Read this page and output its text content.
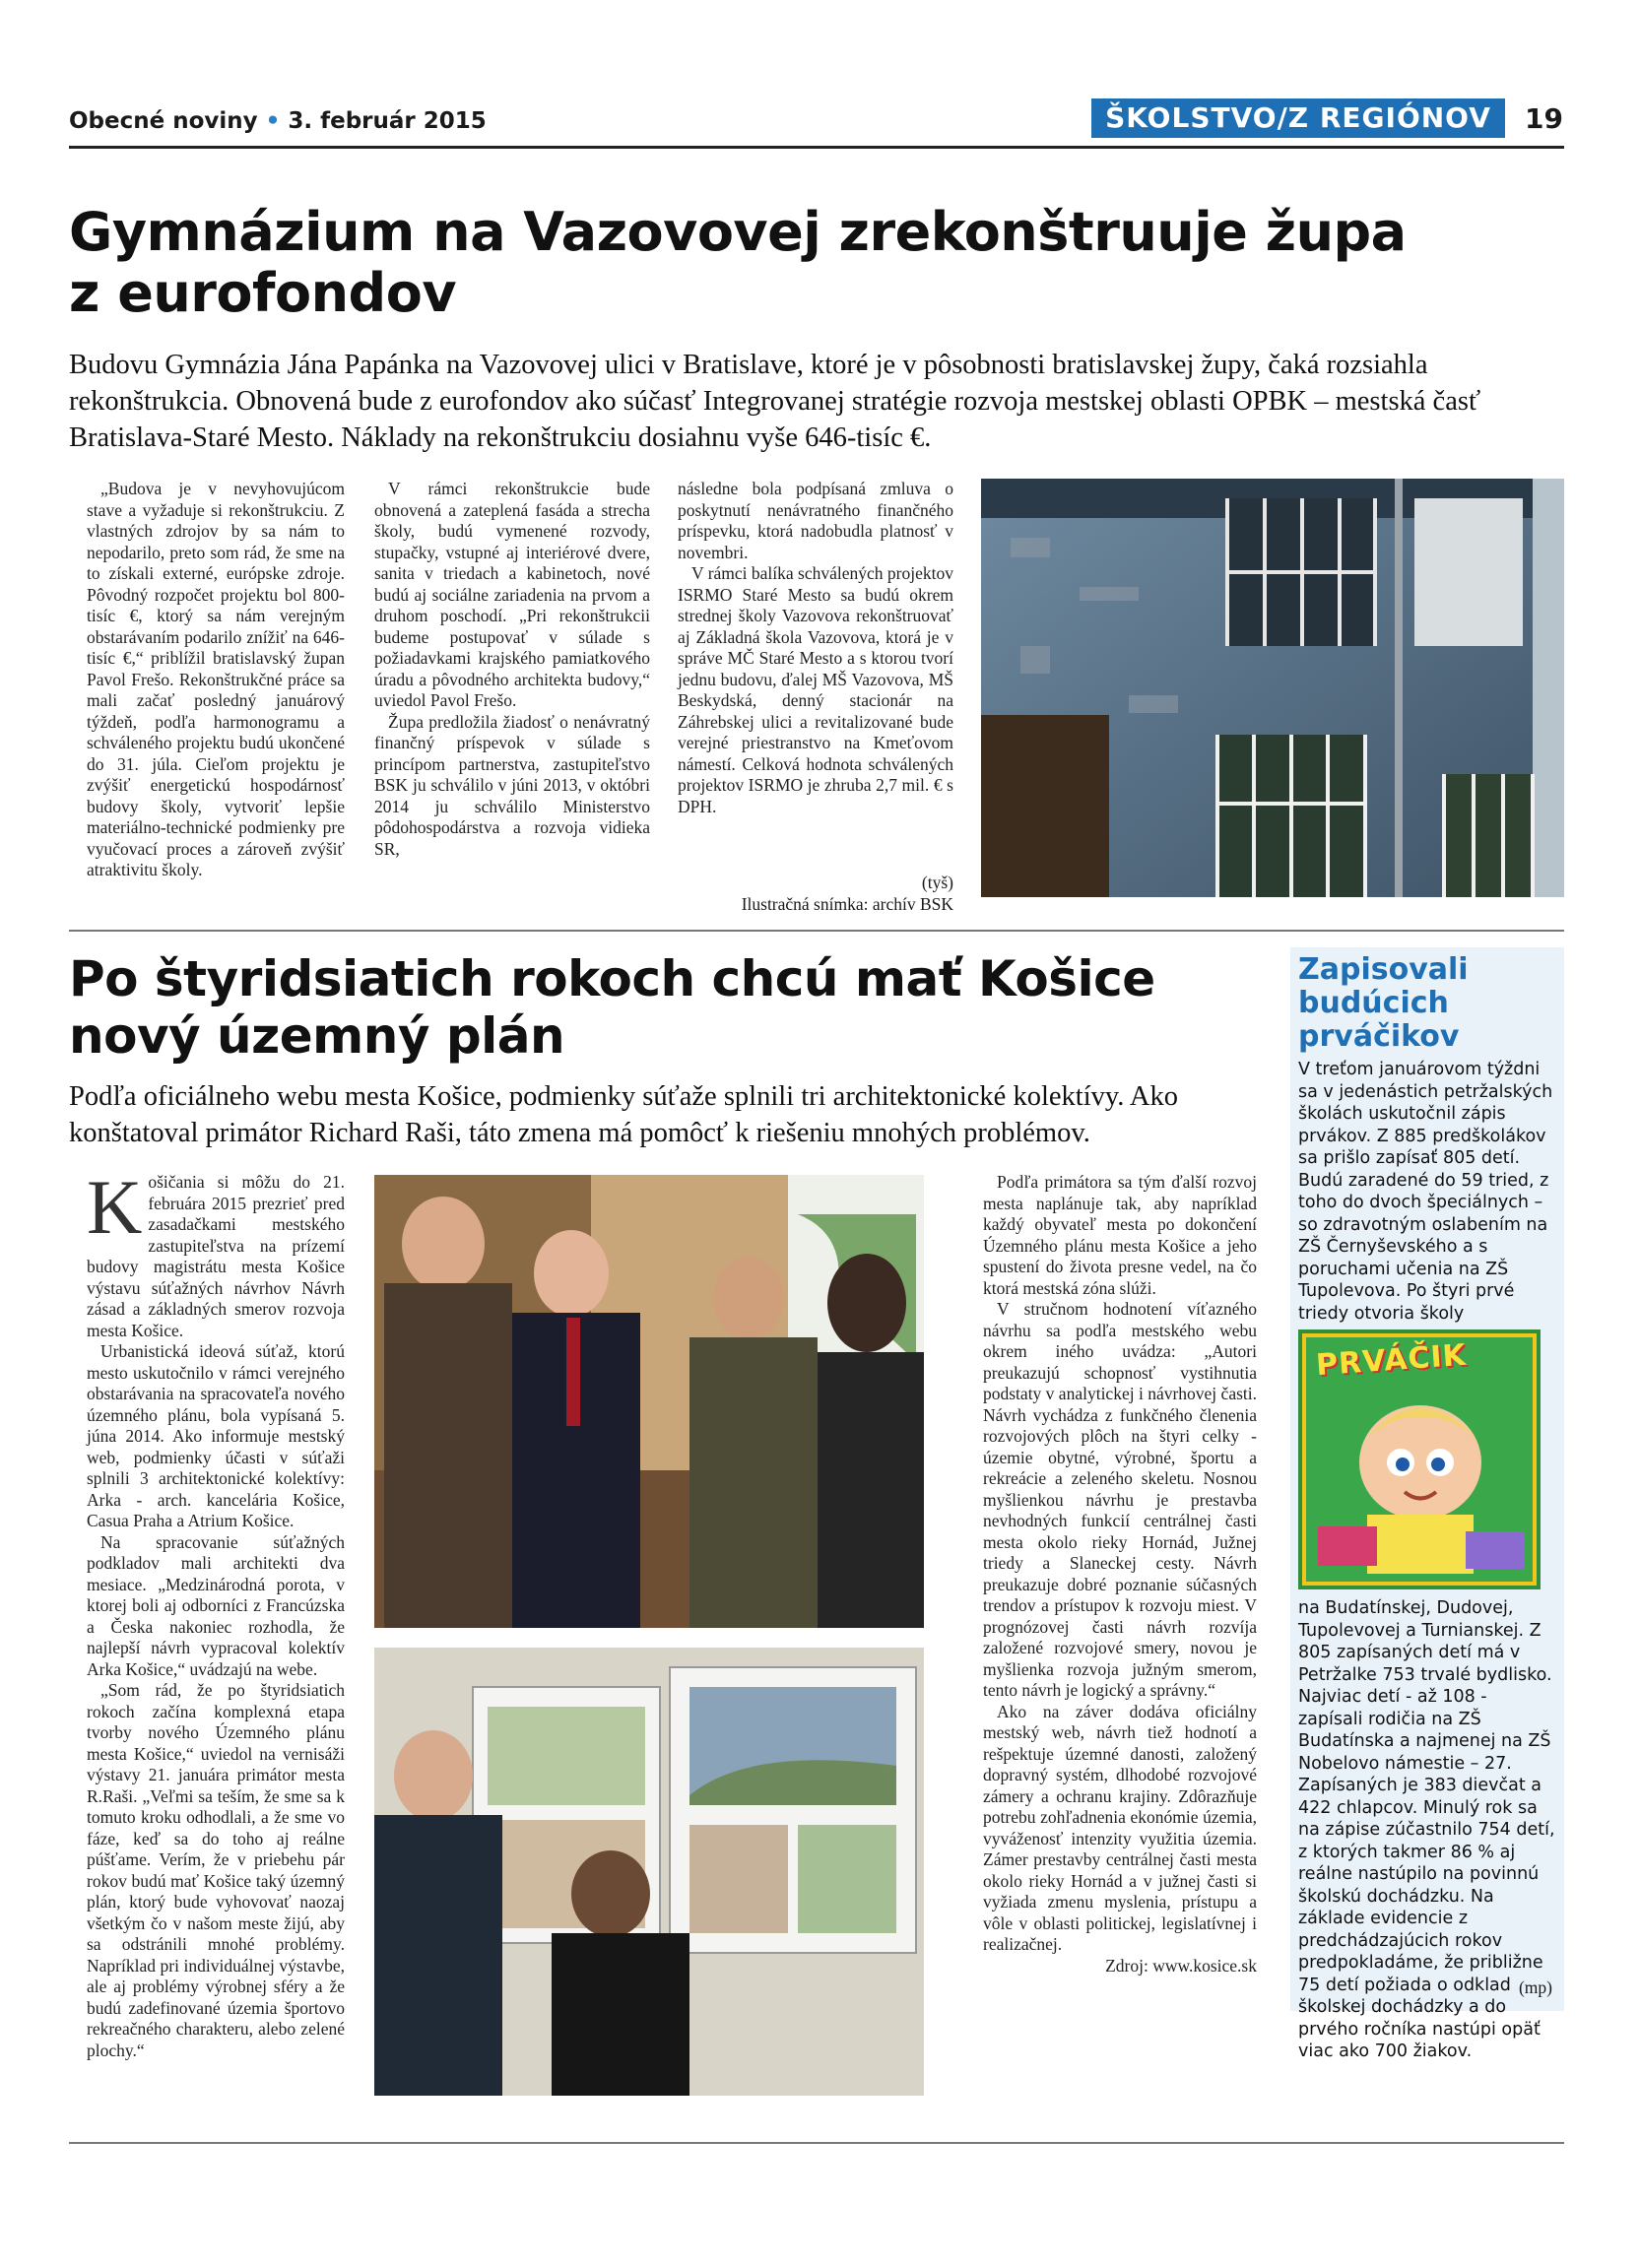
Obecné noviny • 3. február 2015	ŠKOLSTVO/Z REGIÓNOV	19
Gymnázium na Vazovovej zrekonštruuje župa z eurofondov
Budovu Gymnázia Jána Papánka na Vazovovej ulici v Bratislave, ktoré je v pôsobnosti bratislavskej župy, čaká rozsiahla rekonštrukcia. Obnovená bude z eurofondov ako súčasť Integrovanej stratégie rozvoja mestskej oblasti OPBK – mestská časť Bratislava-Staré Mesto. Náklady na rekonštrukciu dosiahnu vyše 646-tisíc €.

„Budova je v nevyhovujúcom stave a vyžaduje si rekonštrukciu. Z vlastných zdrojov by sa nám to nepodarilo, preto som rád, že sme na to získali externé, európske zdroje. Pôvodný rozpočet projektu bol 800-tisíc €, ktorý sa nám verejným obstarávaním podarilo znížiť na 646-tisíc €,“ priblížil bratislavský župan Pavol Frešo. Rekonštrukčné práce sa mali začať posledný januárový týždeň, podľa harmonogramu a schváleného projektu budú ukončené do 31. júla. Cieľom projektu je zvýšiť energetickú hospodárnosť budovy školy, vytvoriť lepšie materiálno-technické podmienky pre vyučovací proces a zároveň zvýšiť atraktivitu školy.

V rámci rekonštrukcie bude obnovená a zateplená fasáda a strecha školy, budú vymenené rozvody, stupačky, vstupné aj interiérové dvere, sanita v triedach a kabinetoch, nové budú aj sociálne zariadenia na prvom a druhom poschodí. „Pri rekonštrukcii budeme postupovať v súlade s požiadavkami krajského pamiatkového úradu a pôvodného architekta budovy,“ uviedol Pavol Frešo.

Župa predložila žiadosť o nenávratný finančný príspevok v súlade s princípom partnerstva, zastupiteľstvo BSK ju schválilo v júni 2013, v októbri 2014 ju schválilo Ministerstvo pôdohospodárstva a rozvoja vidieka SR,

následne bola podpísaná zmluva o poskytnutí nenávratného finančného príspevku, ktorá nadobudla platnosť v novembri.

V rámci balíka schválených projektov ISRMO Staré Mesto sa budú okrem strednej školy Vazovova rekonštruovať aj Základná škola Vazovova, ktorá je v správe MČ Staré Mesto a s ktorou tvorí jednu budovu, ďalej MŠ Vazovova, MŠ Beskydská, denný stacionár na Záhrebskej ulici a revitalizované bude verejné priestranstvo na Kmeťovom námestí. Celková hodnota schválených projektov ISRMO je zhruba 2,7 mil. € s DPH.

(tyš)
Ilustračná snímka: archív BSK
Po štyridsiatich rokoch chcú mať Košice nový územný plán
Podľa oficiálneho webu mesta Košice, podmienky súťaže splnili tri architektonické kolektívy. Ako konštatoval primátor Richard Raši, táto zmena má pomôcť k riešeniu mnohých problémov.

Košičania si môžu do 21. februára 2015 prezrieť pred zasadačkami mestského zastupiteľstva na prízemí budovy magistrátu mesta Košice výstavu súťažných návrhov Návrh zásad a základných smerov rozvoja mesta Košice.

Urbanistická ideová súťaž, ktorú mesto uskutočnilo v rámci verejného obstarávania na spracovateľa nového územného plánu, bola vypísaná 5. júna 2014. Ako informuje mestský web, podmienky účasti v súťaži splnili 3 architektonické kolektívy: Arka - arch. kancelária Košice, Casua Praha a Atrium Košice.

Na spracovanie súťažných podkladov mali architekti dva mesiace. „Medzinárodná porota, v ktorej boli aj odborníci z Francúzska a Česka nakoniec rozhodla, že najlepší návrh vypracoval kolektív Arka Košice,“ uvádzajú na webe.

„Som rád, že po štyridsiatich rokoch začína komplexná etapa tvorby nového Územného plánu mesta Košice,“ uviedol na vernisáži výstavy 21. januára primátor mesta R.Raši. „Veľmi sa teším, že sme sa k tomuto kroku odhodlali, a že sme vo fáze, keď sa do toho aj reálne púšťame. Verím, že v priebehu pár rokov budú mať Košice taký územný plán, ktorý bude vyhovovať naozaj všetkým čo v našom meste žijú, aby sa odstránili mnohé problémy. Napríklad pri individuálnej výstavbe, ale aj problémy výrobnej sféry a že budú zadefinované územia športovo rekreačného charakteru, alebo zelené plochy.“

Podľa primátora sa tým ďalší rozvoj mesta naplánuje tak, aby napríklad každý obyvateľ mesta po dokončení Územného plánu mesta Košice a jeho spustení do života presne vedel, na čo ktorá mestská zóna slúži.

V stručnom hodnotení víťazného návrhu sa podľa mestského webu okrem iného uvádza: „Autori preukazujú schopnosť vystihnutia podstaty v analytickej i návrhovej časti. Návrh vychádza z funkčného členenia rozvojových plôch na štyri celky - územie obytné, výrobné, športu a rekreácie a zeleného skeletu. Nosnou myšlienkou návrhu je prestavba nevhodných funkcií centrálnej časti mesta okolo rieky Hornád, Južnej triedy a Slaneckej cesty. Návrh preukazuje dobré poznanie súčasných trendov a prístupov k rozvoju miest. V prognózovej časti návrh rozvíja založené rozvojové smery, novou je myšlienka rozvoja južným smerom, tento návrh je logický a správny.“

Ako na záver dodáva oficiálny mestský web, návrh tiež hodnotí a rešpektuje územné danosti, založený dopravný systém, dlhodobé rozvojové zámery a ochranu krajiny. Zdôrazňuje potrebu zohľadnenia ekonómie územia, vyváženosť intenzity využitia územia. Zámer prestavby centrálnej časti mesta okolo rieky Hornád a v južnej časti si vyžiada zmenu myslenia, prístupu a vôle v oblasti politickej, legislatívnej i realizačnej.

Zdroj: www.kosice.sk
Zapisovali budúcich prváčikov
V treťom januárovom týždni sa v jedenástich petržalských školách uskutočnil zápis prvákov. Z 885 predškolákov sa prišlo zapísať 805 detí. Budú zaradené do 59 tried, z toho do dvoch špeciálnych – so zdravotným oslabením na ZŠ Černyševského a s poruchami učenia na ZŠ Tupolevova. Po štyri prvé triedy otvoria školy
PRVÁČIK
na Budatínskej, Dudovej, Tupolevovej a Turnianskej. Z 805 zapísaných detí má v Petržalke 753 trvalé bydlisko. Najviac detí - až 108 - zapísali rodičia na ZŠ Budatínska a najmenej na ZŠ Nobelovo námestie – 27. Zapísaných je 383 dievčat a 422 chlapcov. Minulý rok sa na zápise zúčastnilo 754 detí, z ktorých takmer 86 % aj reálne nastúpilo na povinnú školskú dochádzku. Na základe evidencie z predchádzajúcich rokov predpokladáme, že približne 75 detí požiada o odklad školskej dochádzky a do prvého ročníka nastúpi opäť viac ako 700 žiakov.
(mp)
